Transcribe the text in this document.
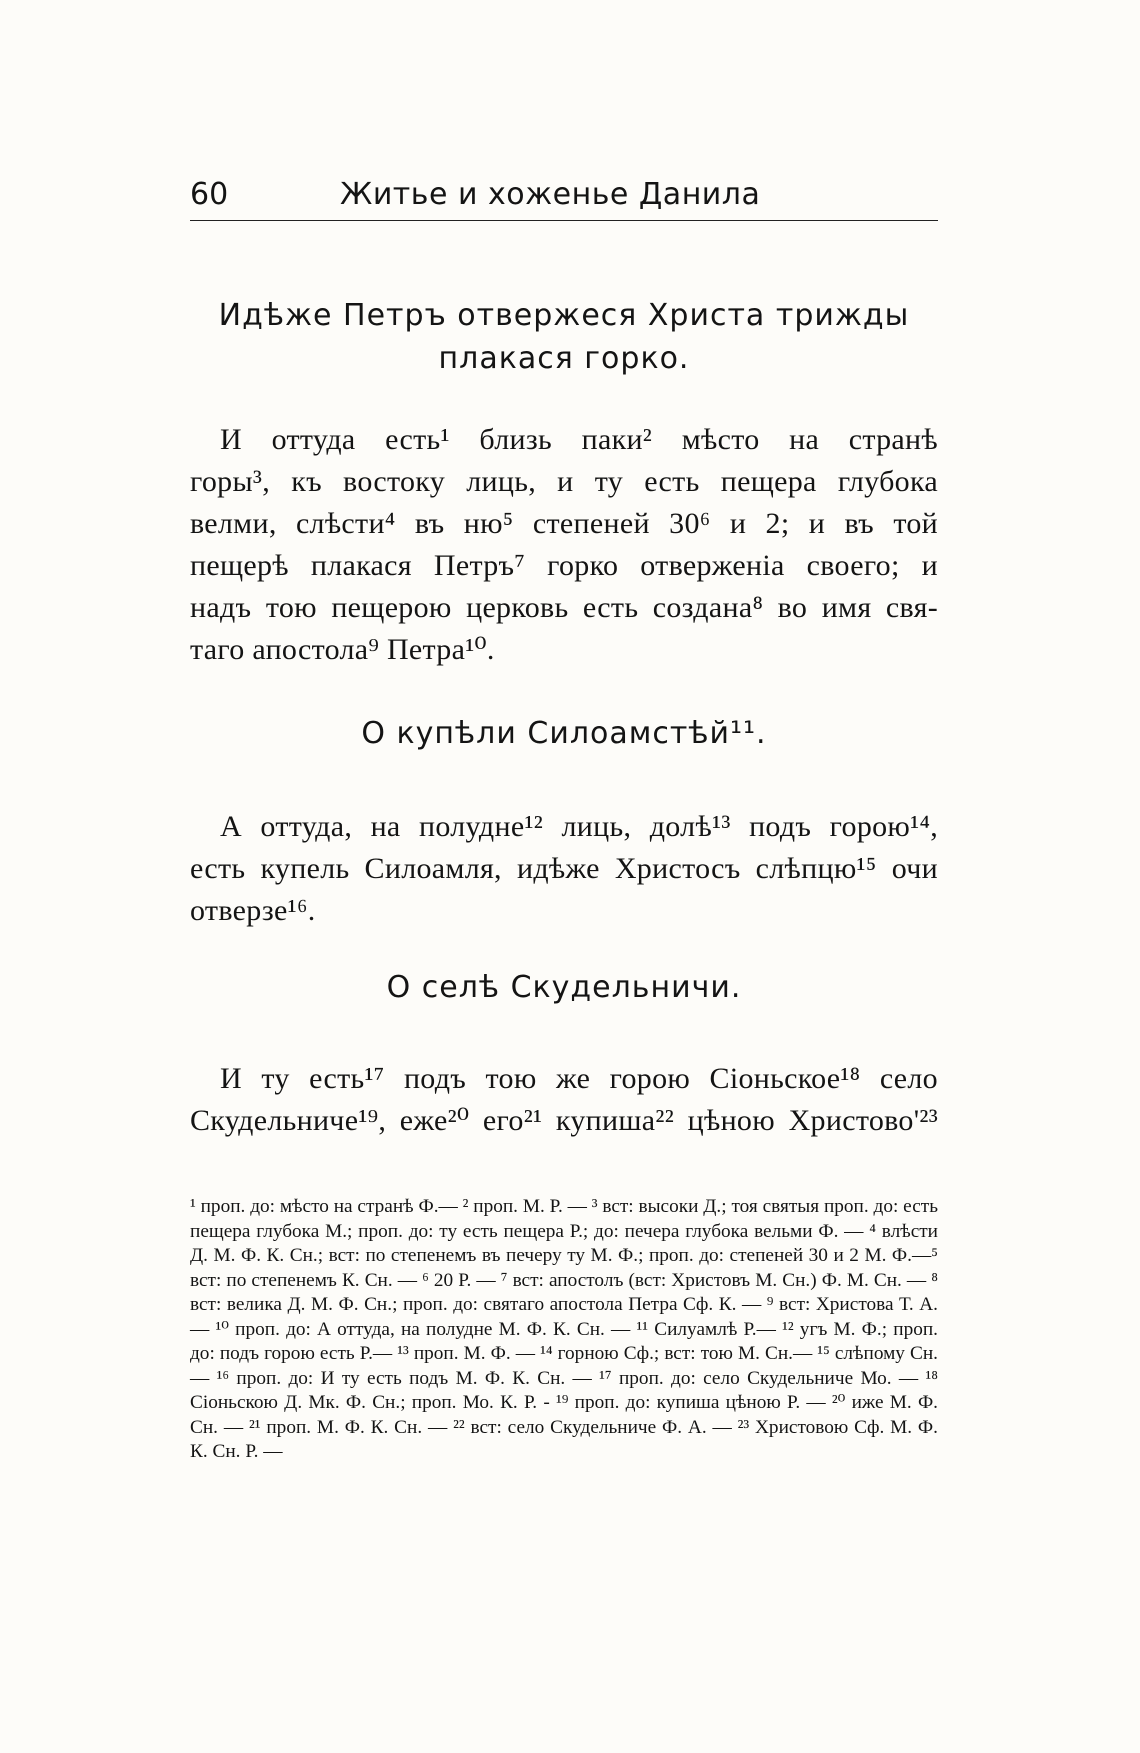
60	Житье и хоженье Данила
Идѣже Петръ отвержеся Христа трижды
плакася горко.

И оттуда есть¹ близь паки² мѣсто на странѣ
горы³, къ востоку лиць, и ту есть пещера глубока
велми, слѣсти⁴ въ ню⁵ степеней 30⁶ и 2; и въ той
пещерѣ плакася Петръ⁷ горко отверженiа своего; и
надъ тою пещерою церковь есть создана⁸ во имя свя-
таго апостола⁹ Петра¹⁰.

О купѣли Силоамстѣй¹¹.

А оттуда, на полудне¹² лиць, долѣ¹³ подъ горою¹⁴,
есть купель Силоамля, идѣже Христосъ слѣпцю¹⁵ очи
отверзе¹⁶.

О селѣ Скудельничи.

И ту есть¹⁷ подъ тою же горою Сiоньское¹⁸ село
Скудельниче¹⁹, еже²⁰ его²¹ купиша²² цѣною Христово'²³

¹ проп. до: мѣсто на странѣ Ф.— ² проп. М. Р. — ³ вст: высоки Д.; тоя святыя проп. до: есть пещера глубока М.; проп. до: ту есть пещера Р.; до: печера глубока вельми Ф. — ⁴ влѣсти Д. М. Ф. К. Сн.; вст: по степенемъ въ печеру ту М. Ф.; проп. до: степеней 30 и 2 М. Ф.—⁵ вст: по степенемъ К. Сн. — ⁶ 20 Р. — ⁷ вст: апостолъ (вст: Христовъ М. Сн.) Ф. М. Сн. — ⁸ вст: велика Д. М. Ф. Сн.; проп. до: святаго апостола Петра Сф. К. — ⁹ вст: Христова Т. А. — ¹⁰ проп. до: А оттуда, на полудне М. Ф. К. Сн. — ¹¹ Силуамлѣ Р.— ¹² угъ М. Ф.; проп. до: подъ горою есть Р.— ¹³ проп. М. Ф. — ¹⁴ горною Сф.; вст: тою М. Сн.— ¹⁵ слѣпому Сн. — ¹⁶ проп. до: И ту есть подъ М. Ф. К. Сн. — ¹⁷ проп. до: село Скудельниче Мо. — ¹⁸ Сiоньскою Д. Мк. Ф. Сн.; проп. Мо. К. Р. - ¹⁹ проп. до: купиша цѣною Р. — ²⁰ иже М. Ф. Сн. — ²¹ проп. М. Ф. К. Сн. — ²² вст: село Скудельниче Ф. А. — ²³ Христовою Сф. М. Ф. К. Сн. Р. —
